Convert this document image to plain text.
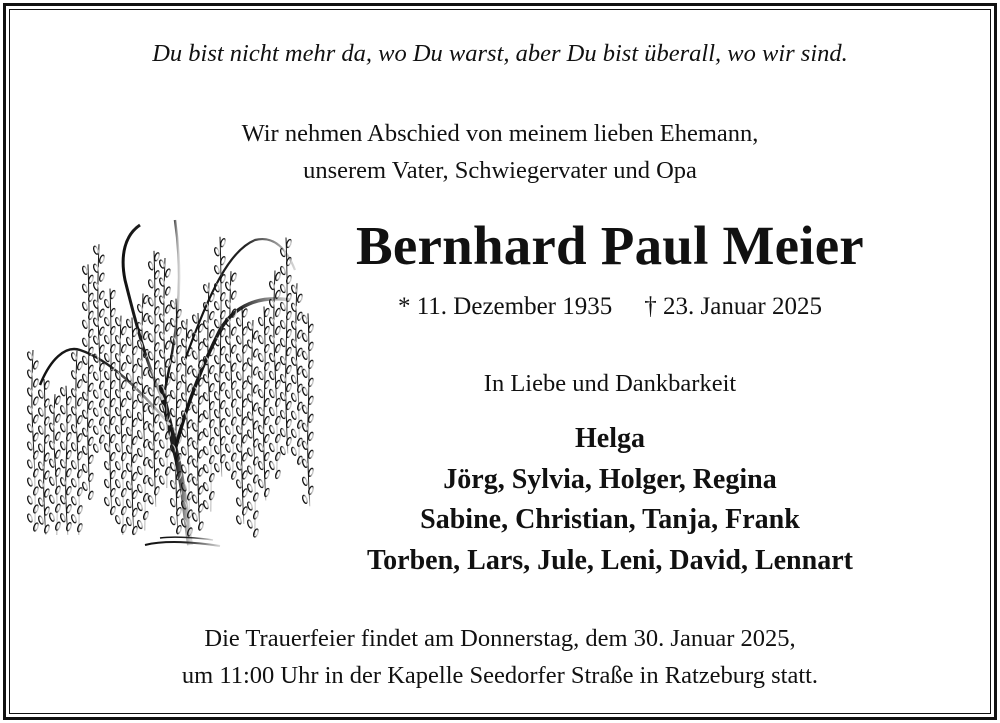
Du bist nicht mehr da, wo Du warst, aber Du bist überall, wo wir sind.
Wir nehmen Abschied von meinem lieben Ehemann,
unserem Vater, Schwiegervater und Opa
Bernhard Paul Meier
* 11. Dezember 1935 † 23. Januar 2025
In Liebe und Dankbarkeit
Helga
Jörg, Sylvia, Holger, Regina
Sabine, Christian, Tanja, Frank
Torben, Lars, Jule, Leni, David, Lennart
Die Trauerfeier findet am Donnerstag, dem 30. Januar 2025,
um 11:00 Uhr in der Kapelle Seedorfer Straße in Ratzeburg statt.
